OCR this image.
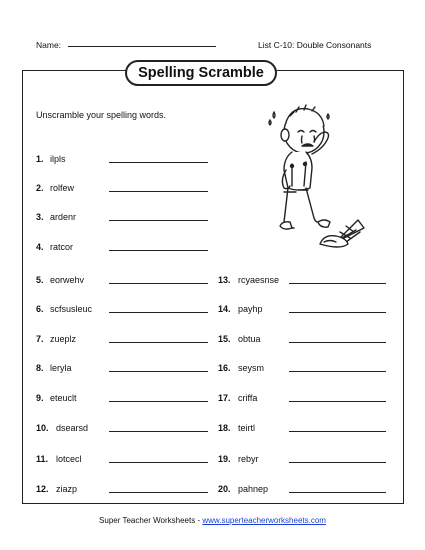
Name:	List C-10: Double Consonants
Spelling Scramble
Unscramble your spelling words.
1. ilpls
2. rolfew
3. ardenr
4. ratcor
5. eorwehv
6. scfsusleuc
7. zueplz
8. leryla
9. eteuclt
10. dsearsd
11. lotcecl
12. ziazp
13. rcyaesnse
14. payhp
15. obtua
16. seysm
17. criffa
18. teirtl
19. rebyr
20. pahnep
Super Teacher Worksheets - www.superteacherworksheets.com
